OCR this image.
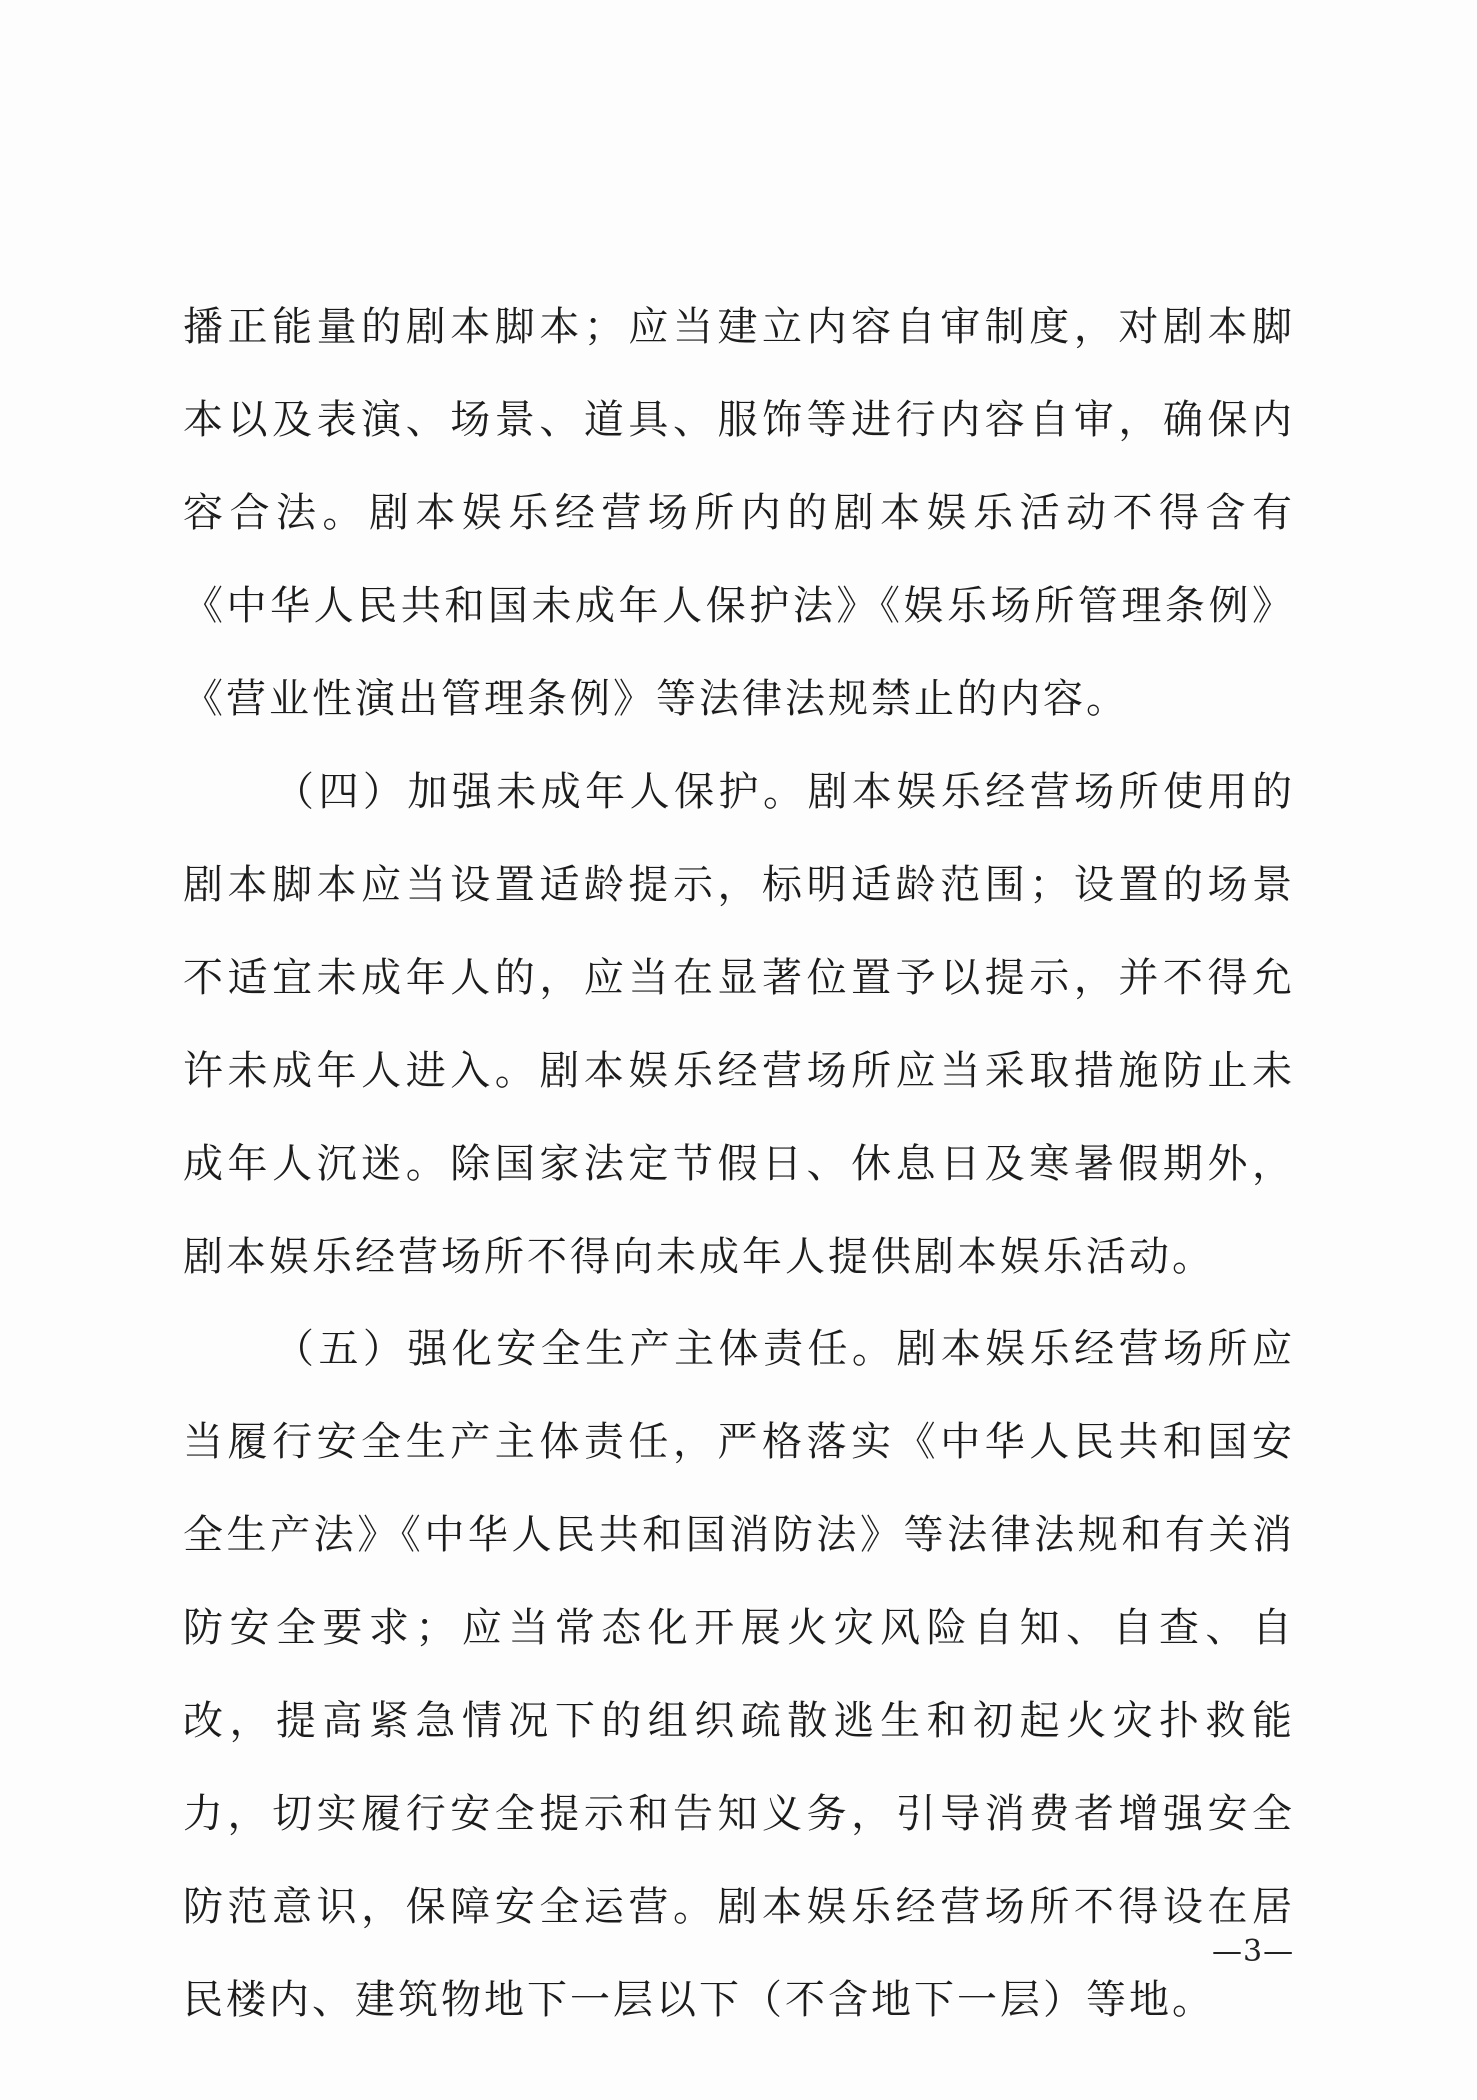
播正能量的剧本脚本；应当建立内容自审制度，对剧本脚本以及表演、场景、道具、服饰等进行内容自审，确保内容合法。剧本娱乐经营场所内的剧本娱乐活动不得含有《中华人民共和国未成年人保护法》《娱乐场所管理条例》《营业性演出管理条例》等法律法规禁止的内容。

（四）加强未成年人保护。剧本娱乐经营场所使用的剧本脚本应当设置适龄提示，标明适龄范围；设置的场景不适宜未成年人的，应当在显著位置予以提示，并不得允许未成年人进入。剧本娱乐经营场所应当采取措施防止未成年人沉迷。除国家法定节假日、休息日及寒暑假期外，剧本娱乐经营场所不得向未成年人提供剧本娱乐活动。

（五）强化安全生产主体责任。剧本娱乐经营场所应当履行安全生产主体责任，严格落实《中华人民共和国安全生产法》《中华人民共和国消防法》等法律法规和有关消防安全要求；应当常态化开展火灾风险自知、自查、自改，提高紧急情况下的组织疏散逃生和初起火灾扑救能力，切实履行安全提示和告知义务，引导消费者增强安全防范意识，保障安全运营。剧本娱乐经营场所不得设在居民楼内、建筑物地下一层以下（不含地下一层）等地。

—3—
